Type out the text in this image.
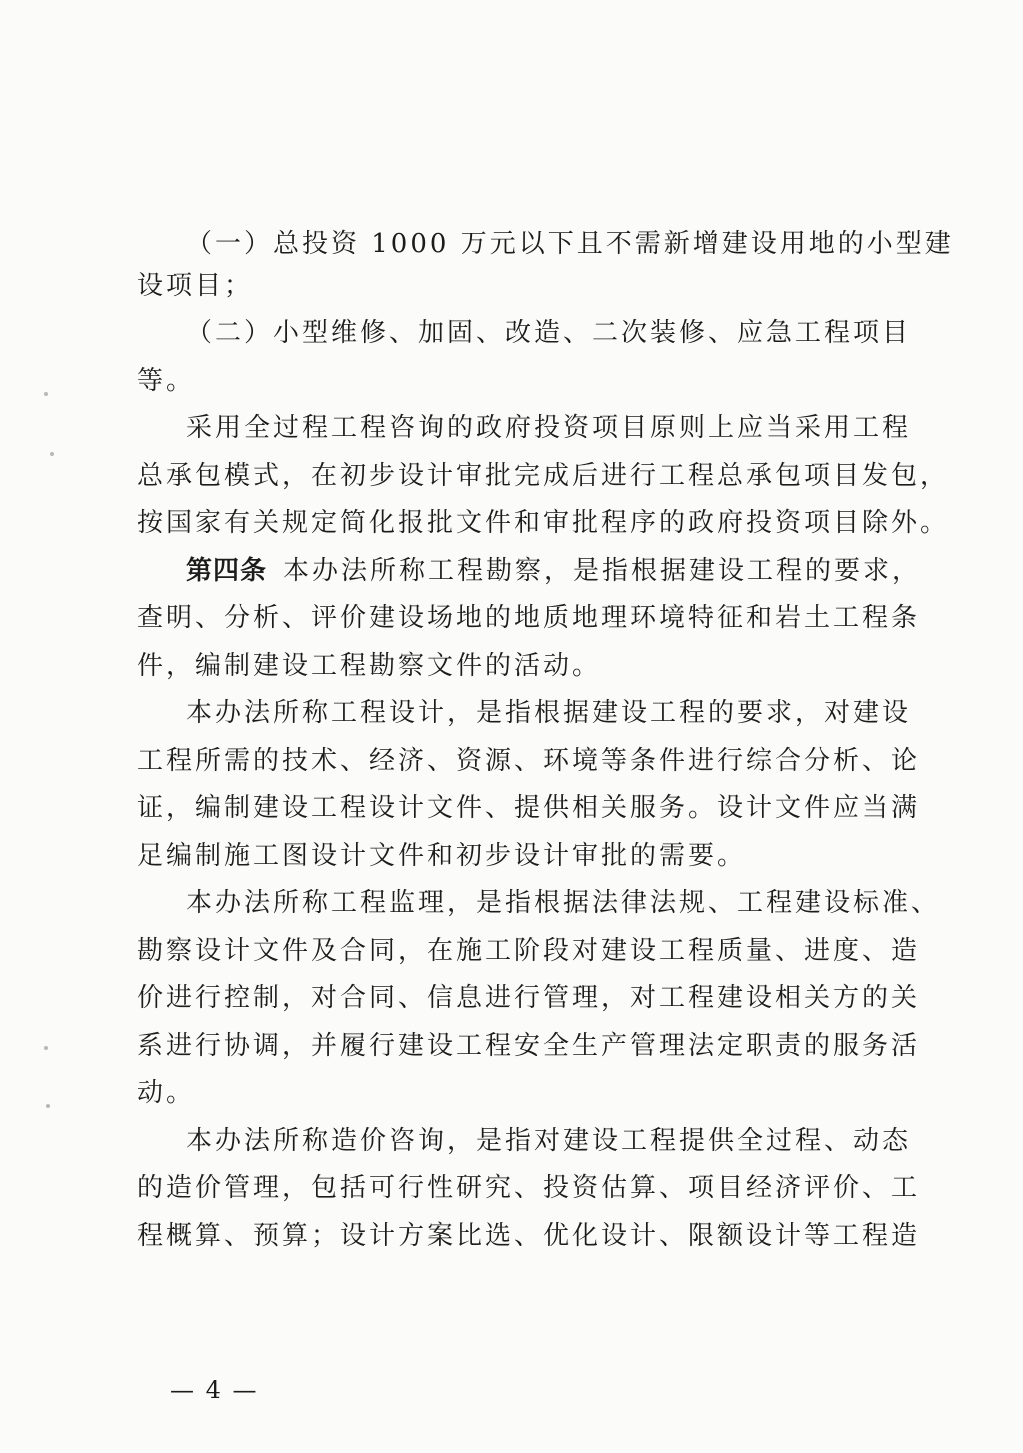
（一）总投资 1000 万元以下且不需新增建设用地的小型建
设项目；
（二）小型维修、加固、改造、二次装修、应急工程项目
等。
采用全过程工程咨询的政府投资项目原则上应当采用工程
总承包模式，在初步设计审批完成后进行工程总承包项目发包，
按国家有关规定简化报批文件和审批程序的政府投资项目除外。
第四条 本办法所称工程勘察，是指根据建设工程的要求，
查明、分析、评价建设场地的地质地理环境特征和岩土工程条
件，编制建设工程勘察文件的活动。
本办法所称工程设计，是指根据建设工程的要求，对建设
工程所需的技术、经济、资源、环境等条件进行综合分析、论
证，编制建设工程设计文件、提供相关服务。设计文件应当满
足编制施工图设计文件和初步设计审批的需要。
本办法所称工程监理，是指根据法律法规、工程建设标准、
勘察设计文件及合同，在施工阶段对建设工程质量、进度、造
价进行控制，对合同、信息进行管理，对工程建设相关方的关
系进行协调，并履行建设工程安全生产管理法定职责的服务活
动。
本办法所称造价咨询，是指对建设工程提供全过程、动态
的造价管理，包括可行性研究、投资估算、项目经济评价、工
程概算、预算；设计方案比选、优化设计、限额设计等工程造
— 4 —
